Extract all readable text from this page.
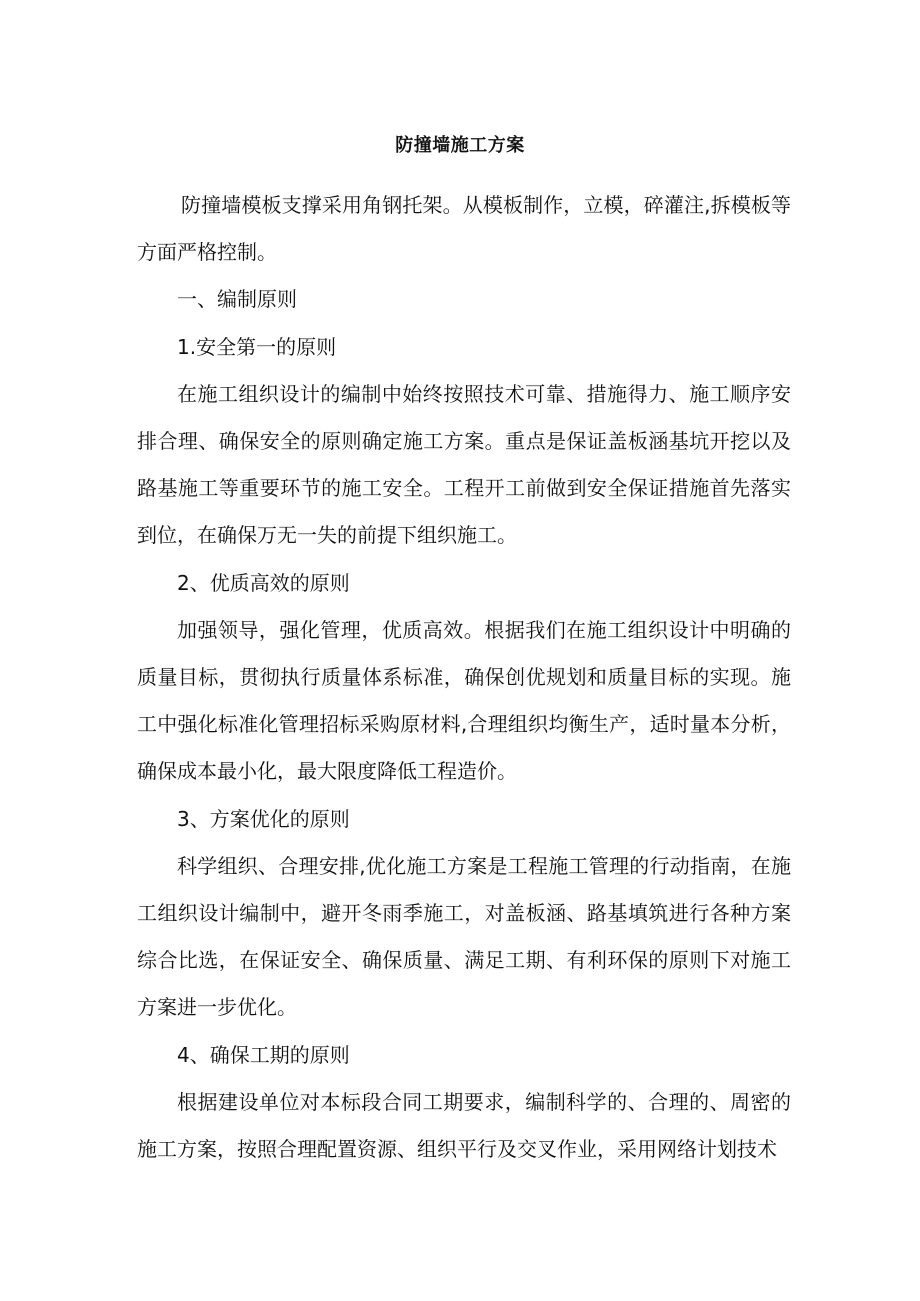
防撞墙施工方案

防撞墙模板支撑采用角钢托架。从模板制作，立模，碎灌注,拆模板等方面严格控制。

一、编制原则

1.安全第一的原则

在施工组织设计的编制中始终按照技术可靠、措施得力、施工顺序安排合理、确保安全的原则确定施工方案。重点是保证盖板涵基坑开挖以及路基施工等重要环节的施工安全。工程开工前做到安全保证措施首先落实到位，在确保万无一失的前提下组织施工。

2、优质高效的原则

加强领导，强化管理，优质高效。根据我们在施工组织设计中明确的质量目标，贯彻执行质量体系标准，确保创优规划和质量目标的实现。施工中强化标准化管理招标采购原材料,合理组织均衡生产，适时量本分析，确保成本最小化，最大限度降低工程造价。

3、方案优化的原则

科学组织、合理安排,优化施工方案是工程施工管理的行动指南，在施工组织设计编制中，避开冬雨季施工，对盖板涵、路基填筑进行各种方案综合比选，在保证安全、确保质量、满足工期、有利环保的原则下对施工方案进一步优化。

4、确保工期的原则

根据建设单位对本标段合同工期要求，编制科学的、合理的、周密的施工方案，按照合理配置资源、组织平行及交叉作业，采用网络计划技术
